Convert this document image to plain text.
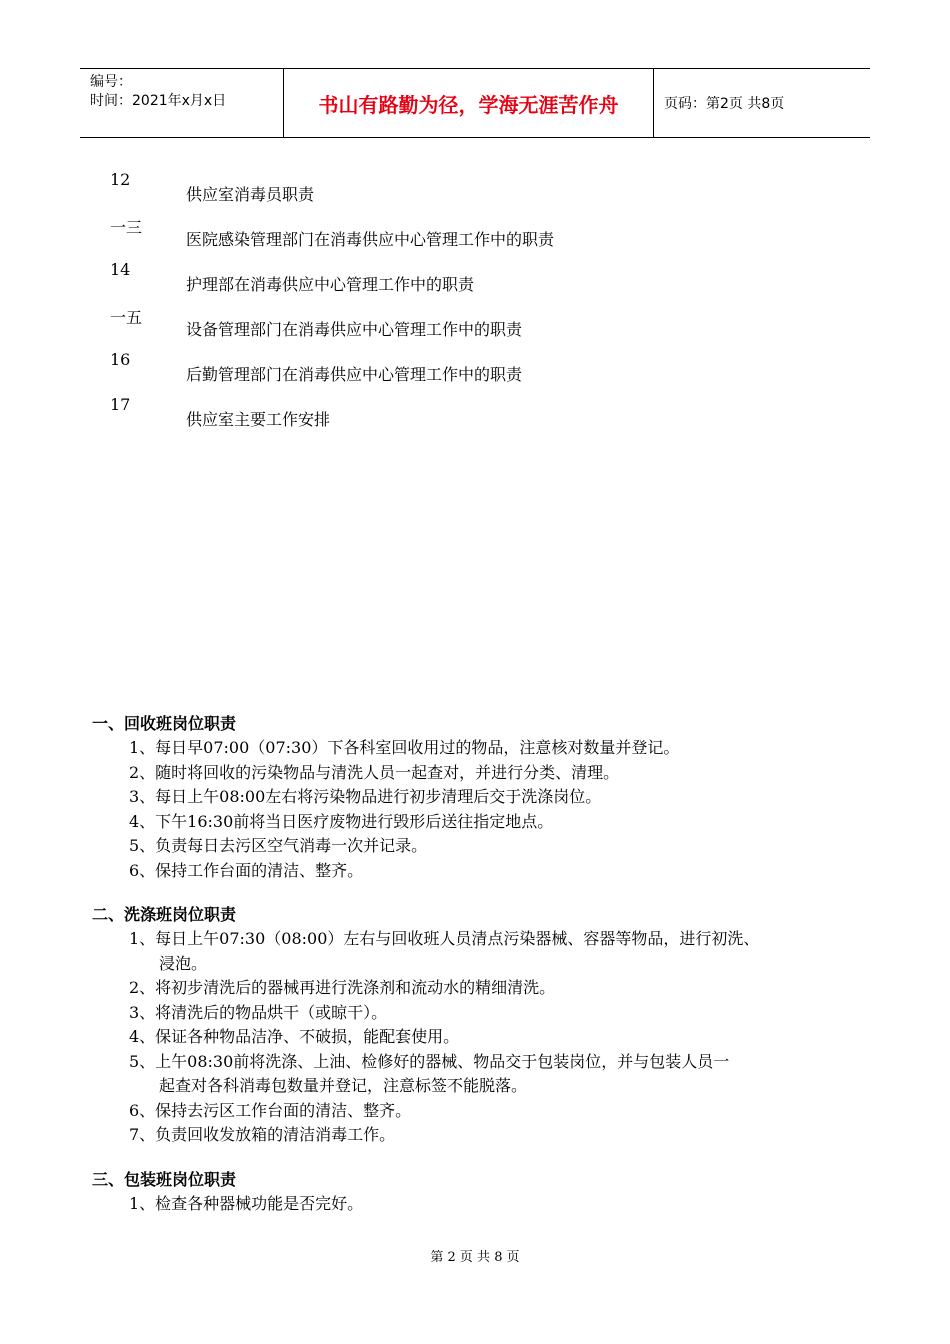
编号：
时间：2021年x月x日	书山有路勤为径，学海无涯苦作舟	页码：第2页 共8页
12
供应室消毒员职责
一三
医院感染管理部门在消毒供应中心管理工作中的职责
14
护理部在消毒供应中心管理工作中的职责
一五
设备管理部门在消毒供应中心管理工作中的职责
16
后勤管理部门在消毒供应中心管理工作中的职责
17
供应室主要工作安排
一、回收班岗位职责
1、每日早07:00（07:30）下各科室回收用过的物品，注意核对数量并登记。
2、随时将回收的污染物品与清洗人员一起查对，并进行分类、清理。
3、每日上午08:00左右将污染物品进行初步清理后交于洗涤岗位。
4、下午16:30前将当日医疗废物进行毁形后送往指定地点。
5、负责每日去污区空气消毒一次并记录。
6、保持工作台面的清洁、整齐。
二、洗涤班岗位职责
1、每日上午07:30（08:00）左右与回收班人员清点污染器械、容器等物品，进行初洗、
浸泡。
2、将初步清洗后的器械再进行洗涤剂和流动水的精细清洗。
3、将清洗后的物品烘干（或晾干）。
4、保证各种物品洁净、不破损，能配套使用。
5、上午08:30前将洗涤、上油、检修好的器械、物品交于包装岗位，并与包装人员一
起查对各科消毒包数量并登记，注意标签不能脱落。
6、保持去污区工作台面的清洁、整齐。
7、负责回收发放箱的清洁消毒工作。
三、包装班岗位职责
1、检查各种器械功能是否完好。
第 2 页 共 8 页
